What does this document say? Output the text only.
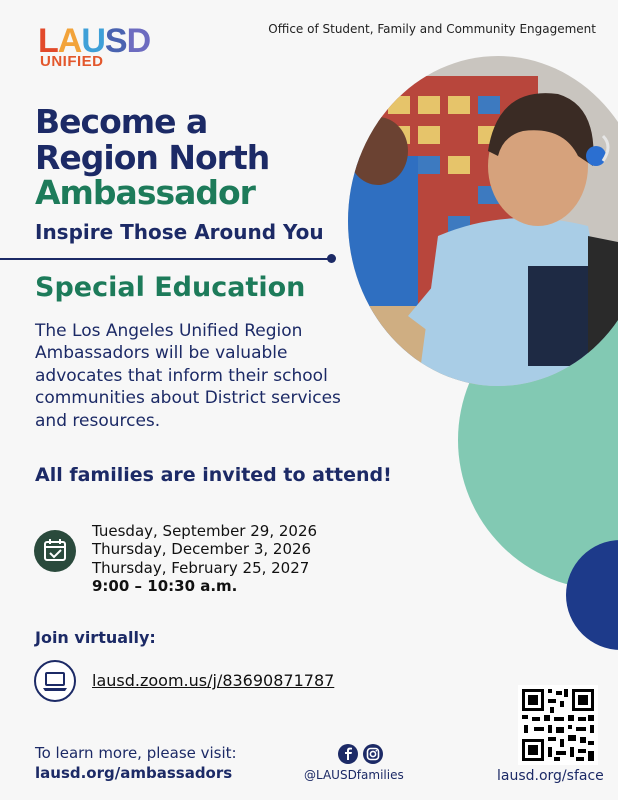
LAUSD
UNIFIED
Office of Student, Family and Community Engagement
Become a
Region North
Ambassador
Inspire Those Around You
Special Education
The Los Angeles Unified Region
Ambassadors will be valuable
advocates that inform their school
communities about District services
and resources.
All families are invited to attend!
Tuesday, September 29, 2026
Thursday, December 3, 2026
Thursday, February 25, 2027
9:00 – 10:30 a.m.
Join virtually:
lausd.zoom.us/j/83690871787
To learn more, please visit:
lausd.org/ambassadors	@LAUSDfamilies	lausd.org/sface
